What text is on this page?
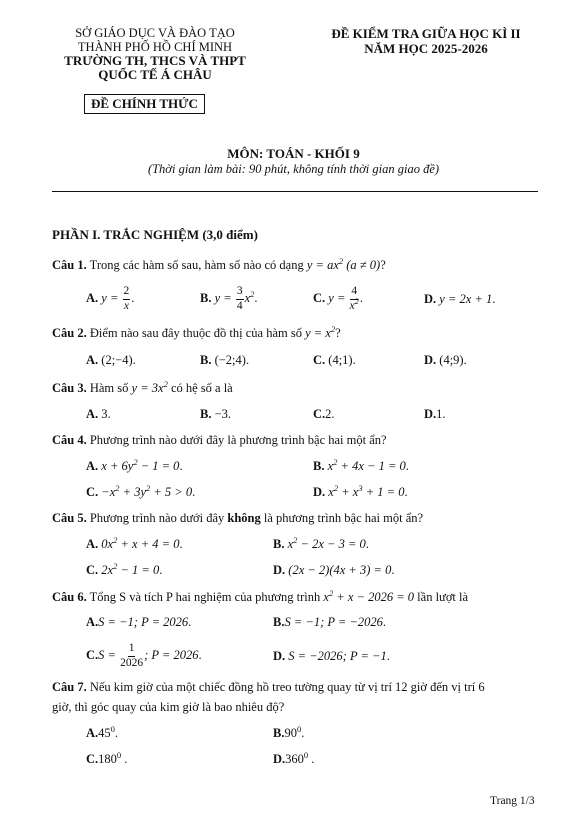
SỞ GIÁO DỤC VÀ ĐÀO TẠO
THÀNH PHỐ HỒ CHÍ MINH
TRƯỜNG TH, THCS VÀ THPT
QUỐC TẾ Á CHÂU
ĐỀ CHÍNH THỨC
ĐỀ KIỂM TRA GIỮA HỌC KÌ II
NĂM HỌC 2025-2026
MÔN: TOÁN - KHỐI 9
(Thời gian làm bài: 90 phút, không tính thời gian giao đề)
PHẦN I. TRẮC NGHIỆM (3,0 điểm)
Câu 1. Trong các hàm số sau, hàm số nào có dạng $y = ax^2$ (a ≠ 0)?
A. $y = \frac{2}{x}$ .	B. $y = \frac{3}{4} x^2$.	C. $y = \frac{4}{x^2}$ .	D. y = 2x + 1.
Câu 2. Điểm nào sau đây thuộc đồ thị của hàm số $y = x^2$?
A. (2;−4).	B. (−2;4).	C. (4;1).	D. (4;9).
Câu 3. Hàm số $y = 3x^2$ có hệ số a là
A. 3.	B. −3.	C.2.	D.1.
Câu 4. Phương trình nào dưới đây là phương trình bậc hai một ẩn?
A. $x + 6y^2 - 1 = 0$.	B. $x^2 + 4x - 1 = 0$.
C. $-x^2 + 3y^2 + 5 > 0$.	D. $x^2 + x^3 + 1 = 0$.
Câu 5. Phương trình nào dưới đây không là phương trình bậc hai một ẩn?
A. $0x^2 + x + 4 = 0$.	B. $x^2 - 2x - 3 = 0$.
C. $2x^2 - 1 = 0$.	D. (2x − 2)(4x + 3) = 0.
Câu 6. Tổng S và tích P hai nghiệm của phương trình $x^2 + x - 2026 = 0$ lần lượt là
A.S = −1; P = 2026.	B.S = −1; P = −2026.
$C.S = \frac{1}{2026}$ ; P = 2026.	D. S = −2026; P = −1.
Câu 7. Nếu kim giờ của một chiếc đồng hồ treo tường quay từ vị trí 12 giờ đến vị trí 6
giờ, thì góc quay của kim giờ là bao nhiêu độ?
$A.45^0$.	$B.90^0$.
C.180$^0$ .	D.360$^0$ .
Trang 1/3
